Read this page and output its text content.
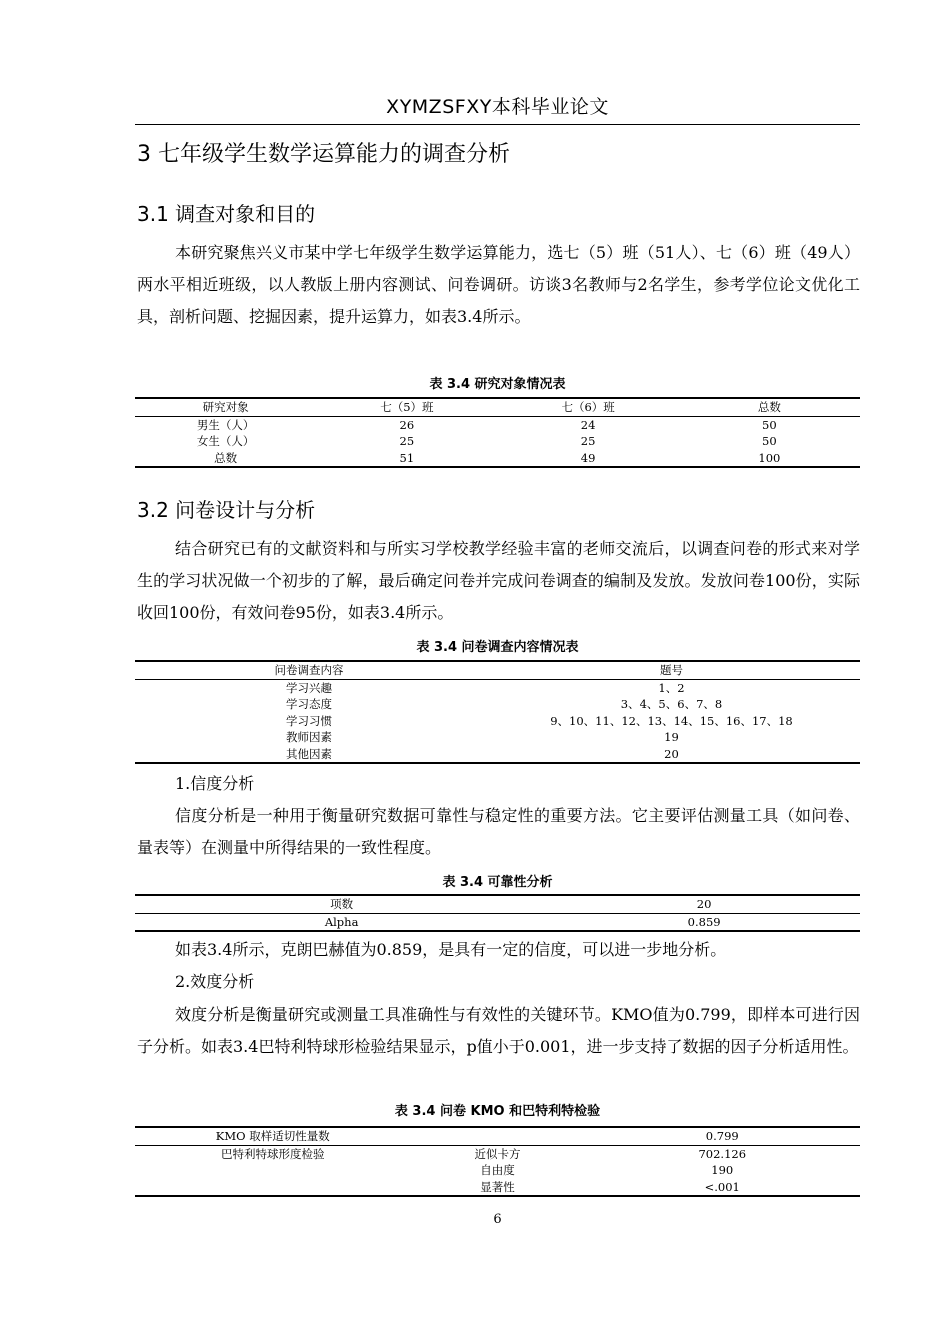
XYMZSFXY本科毕业论文
3 七年级学生数学运算能力的调查分析
3.1 调查对象和目的

本研究聚焦兴义市某中学七年级学生数学运算能力，选七（5）班（51人）、七（6）班（49人）两水平相近班级，以人教版上册内容测试、问卷调研。访谈3名教师与2名学生，参考学位论文优化工具，剖析问题、挖掘因素，提升运算力，如表3.4所示。

表 3.4 研究对象情况表
研究对象	七（5）班	七（6）班	总数
男生（人）	26	24	50
女生（人）	25	25	50
总数	51	49	100
3.2 问卷设计与分析

结合研究已有的文献资料和与所实习学校教学经验丰富的老师交流后，以调查问卷的形式来对学生的学习状况做一个初步的了解，最后确定问卷并完成问卷调查的编制及发放。发放问卷100份，实际收回100份，有效问卷95份，如表3.4所示。

表 3.4 问卷调查内容情况表
问卷调查内容	题号
学习兴趣	1、2
学习态度	3、4、5、6、7、8
学习习惯	9、10、11、12、13、14、15、16、17、18
教师因素	19
其他因素	20
1.信度分析

信度分析是一种用于衡量研究数据可靠性与稳定性的重要方法。它主要评估测量工具（如问卷、量表等）在测量中所得结果的一致性程度。

表 3.4 可靠性分析
项数	20
Alpha	0.859
如表3.4所示，克朗巴赫值为0.859，是具有一定的信度，可以进一步地分析。
2.效度分析

效度分析是衡量研究或测量工具准确性与有效性的关键环节。KMO值为0.799，即样本可进行因子分析。如表3.4巴特利特球形检验结果显示，p值小于0.001，进一步支持了数据的因子分析适用性。

表 3.4 问卷 KMO 和巴特利特检验
KMO 取样适切性量数		0.799
巴特利特球形度检验	近似卡方	702.126
	自由度	190
	显著性	<.001
6
